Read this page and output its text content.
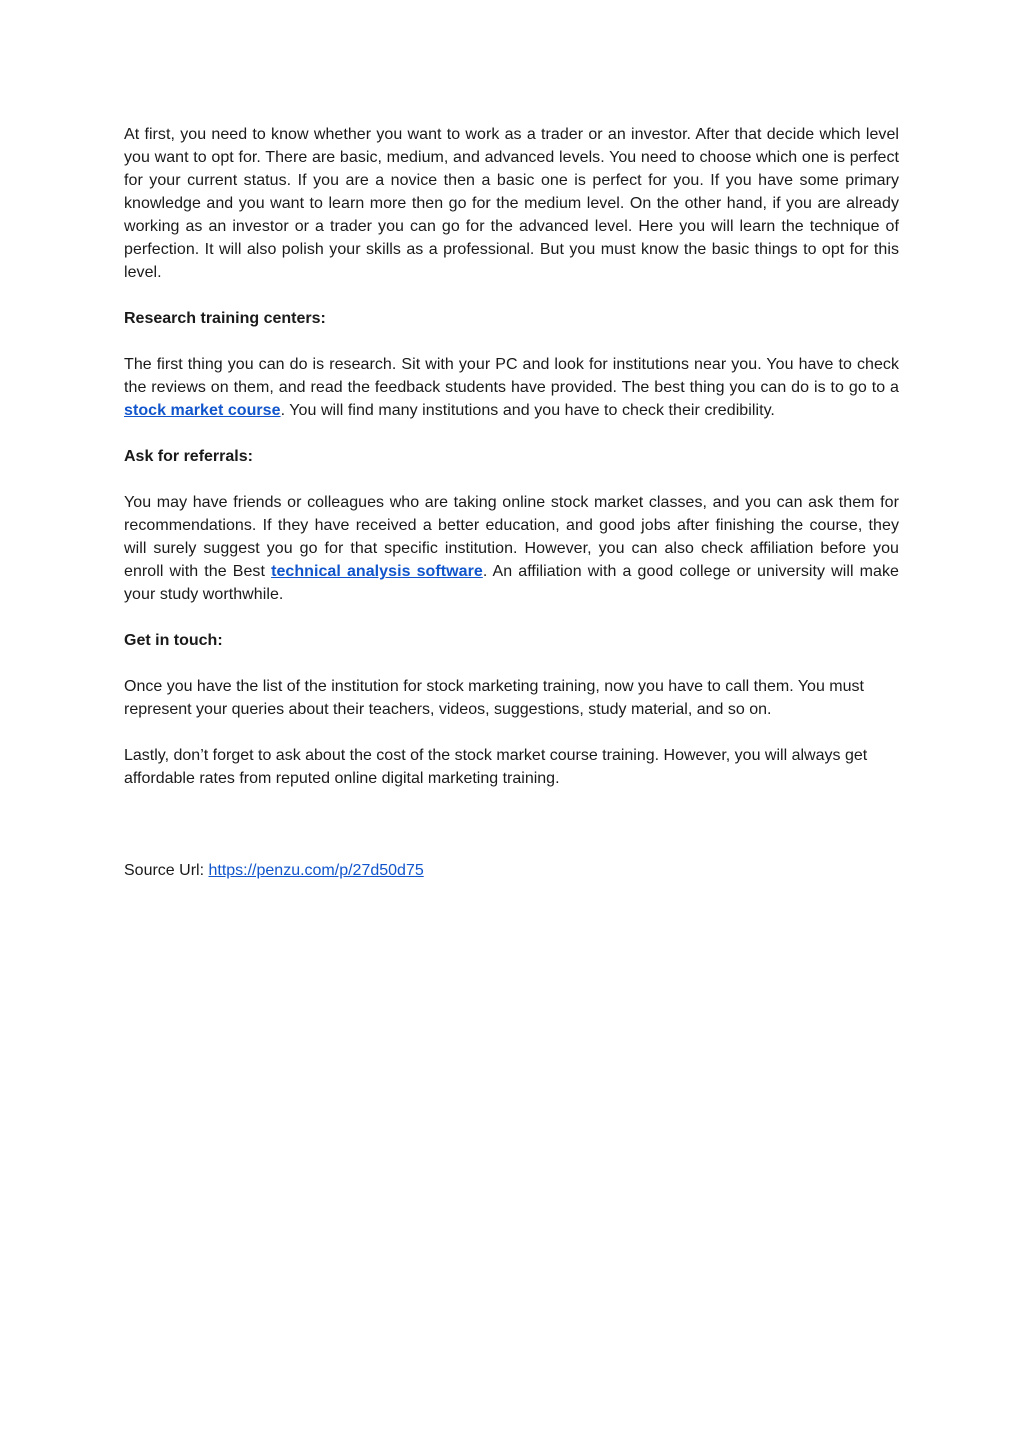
At first, you need to know whether you want to work as a trader or an investor. After that decide which level you want to opt for. There are basic, medium, and advanced levels. You need to choose which one is perfect for your current status. If you are a novice then a basic one is perfect for you. If you have some primary knowledge and you want to learn more then go for the medium level. On the other hand, if you are already working as an investor or a trader you can go for the advanced level. Here you will learn the technique of perfection. It will also polish your skills as a professional. But you must know the basic things to opt for this level.

Research training centers:

The first thing you can do is research. Sit with your PC and look for institutions near you. You have to check the reviews on them, and read the feedback students have provided. The best thing you can do is to go to a stock market course. You will find many institutions and you have to check their credibility.

Ask for referrals:

You may have friends or colleagues who are taking online stock market classes, and you can ask them for recommendations. If they have received a better education, and good jobs after finishing the course, they will surely suggest you go for that specific institution. However, you can also check affiliation before you enroll with the Best technical analysis software. An affiliation with a good college or university will make your study worthwhile.

Get in touch:

Once you have the list of the institution for stock marketing training, now you have to call them. You must represent your queries about their teachers, videos, suggestions, study material, and so on.

Lastly, don’t forget to ask about the cost of the stock market course training. However, you will always get affordable rates from reputed online digital marketing training.

Source Url: https://penzu.com/p/27d50d75
